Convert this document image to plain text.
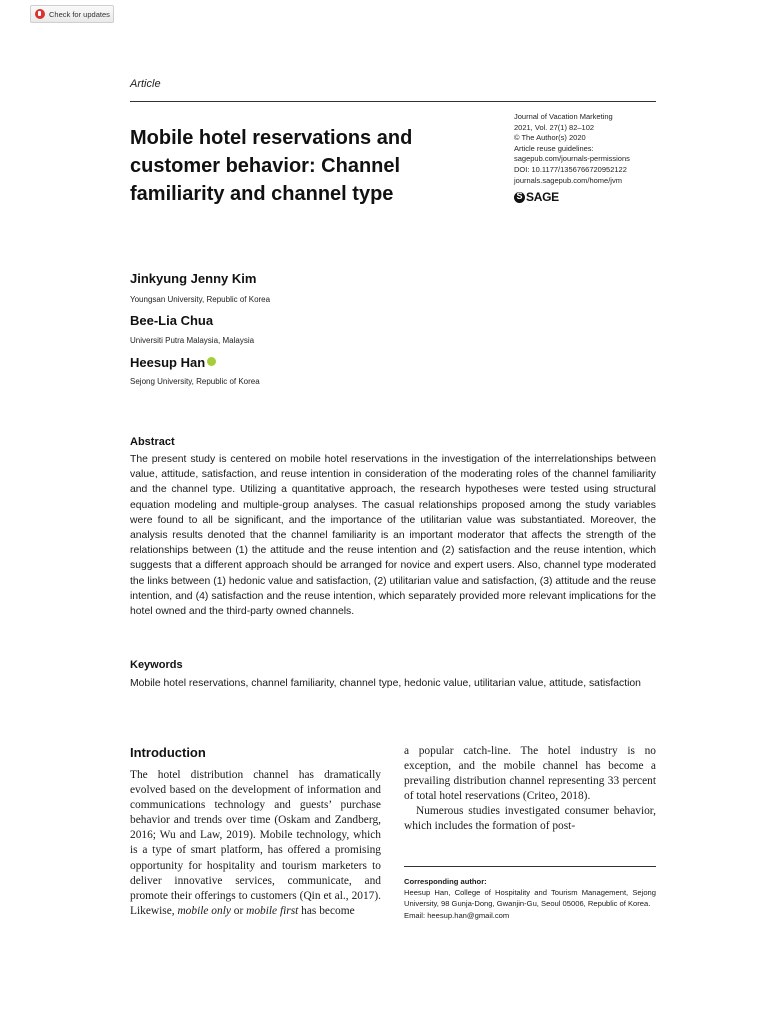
Check for updates
Article
Mobile hotel reservations and customer behavior: Channel familiarity and channel type
Journal of Vacation Marketing
2021, Vol. 27(1) 82–102
© The Author(s) 2020
Article reuse guidelines:
sagepub.com/journals-permissions
DOI: 10.1177/1356766720952122
journals.sagepub.com/home/jvm
S
SAGE
Jinkyung Jenny Kim
Youngsan University, Republic of Korea
Bee-Lia Chua
Universiti Putra Malaysia, Malaysia
Heesup Han
Sejong University, Republic of Korea
Abstract
The present study is centered on mobile hotel reservations in the investigation of the interrelationships between value, attitude, satisfaction, and reuse intention in consideration of the moderating roles of the channel familiarity and the channel type. Utilizing a quantitative approach, the research hypotheses were tested using structural equation modeling and multiple-group analyses. The casual relationships proposed among the study variables were found to all be significant, and the importance of the utilitarian value was substantiated. Moreover, the analysis results denoted that the channel familiarity is an important moderator that affects the strength of the relationships between (1) the attitude and the reuse intention and (2) satisfaction and the reuse intention, which suggests that a different approach should be arranged for novice and expert users. Also, channel type moderated the links between (1) hedonic value and satisfaction, (2) utilitarian value and satisfaction, (3) attitude and the reuse intention, and (4) satisfaction and the reuse intention, which separately provided more relevant implications for the hotel owned and the third-party owned channels.
Keywords
Mobile hotel reservations, channel familiarity, channel type, hedonic value, utilitarian value, attitude, satisfaction
Introduction
The hotel distribution channel has dramatically evolved based on the development of information and communications technology and guests’ purchase behavior and trends over time (Oskam and Zandberg, 2016; Wu and Law, 2019). Mobile technology, which is a type of smart platform, has offered a promising opportunity for hospitality and tourism marketers to deliver innovative services, communicate, and promote their offerings to customers (Qin et al., 2017). Likewise, mobile only or mobile first has become
a popular catch-line. The hotel industry is no exception, and the mobile channel has become a prevailing distribution channel representing 33 percent of total hotel reservations (Criteo, 2018).
Numerous studies investigated consumer behavior, which includes the formation of post-
Corresponding author:
Heesup Han, College of Hospitality and Tourism Management, Sejong University, 98 Gunja-Dong, Gwanjin-Gu, Seoul 05006, Republic of Korea.
Email: heesup.han@gmail.com
